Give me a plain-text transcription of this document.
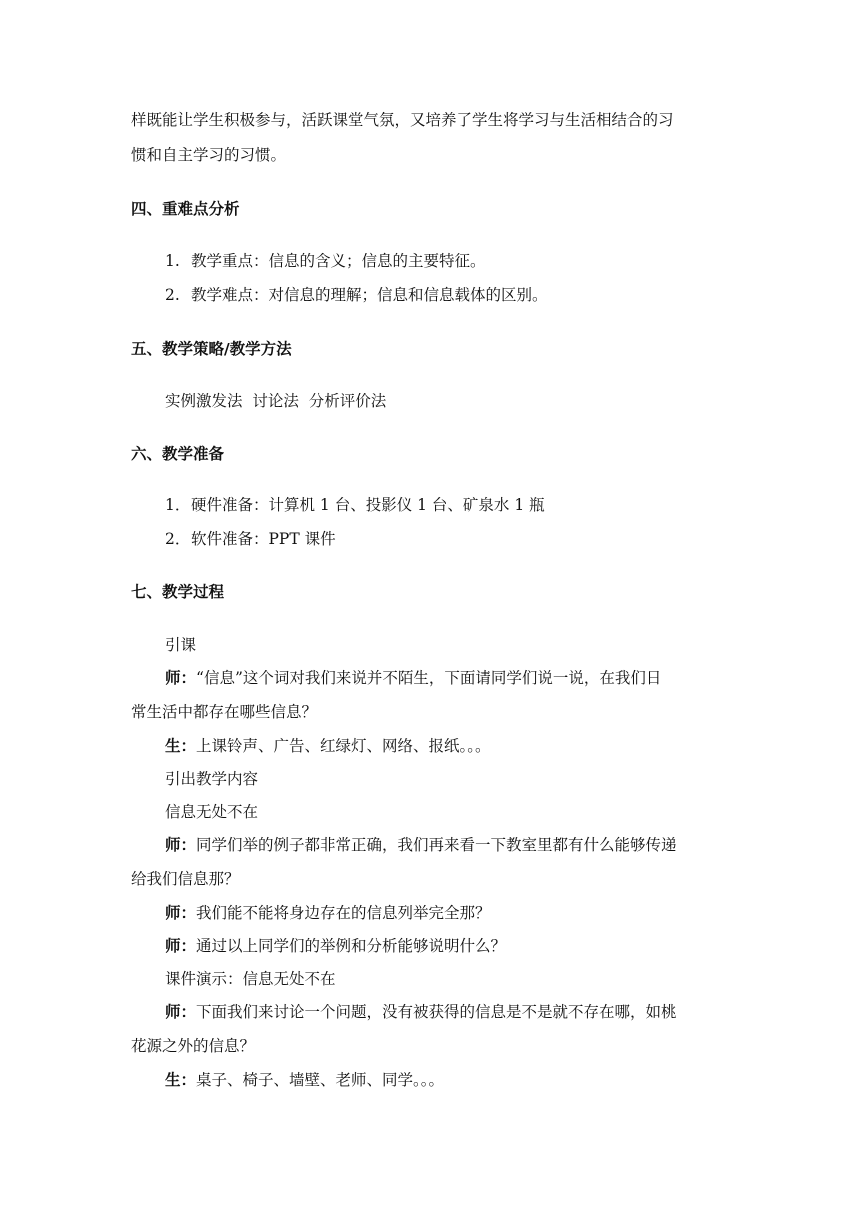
样既能让学生积极参与，活跃课堂气氛，又培养了学生将学习与生活相结合的习
惯和自主学习的习惯。
四、重难点分析
1. 教学重点：信息的含义；信息的主要特征。
2. 教学难点：对信息的理解；信息和信息载体的区别。
五、教学策略/教学方法
实例激发法  讨论法  分析评价法
六、教学准备
1．硬件准备：计算机 1 台、投影仪 1 台、矿泉水 1 瓶
2．软件准备：PPT 课件
七、教学过程
引课
师：“信息”这个词对我们来说并不陌生，下面请同学们说一说，在我们日
常生活中都存在哪些信息？
生：上课铃声、广告、红绿灯、网络、报纸。。。
引出教学内容
信息无处不在
师：同学们举的例子都非常正确，我们再来看一下教室里都有什么能够传递
给我们信息那？
师：我们能不能将身边存在的信息列举完全那？
师：通过以上同学们的举例和分析能够说明什么？
课件演示：信息无处不在
师：下面我们来讨论一个问题，没有被获得的信息是不是就不存在哪，如桃
花源之外的信息？
生：桌子、椅子、墙壁、老师、同学。。。
